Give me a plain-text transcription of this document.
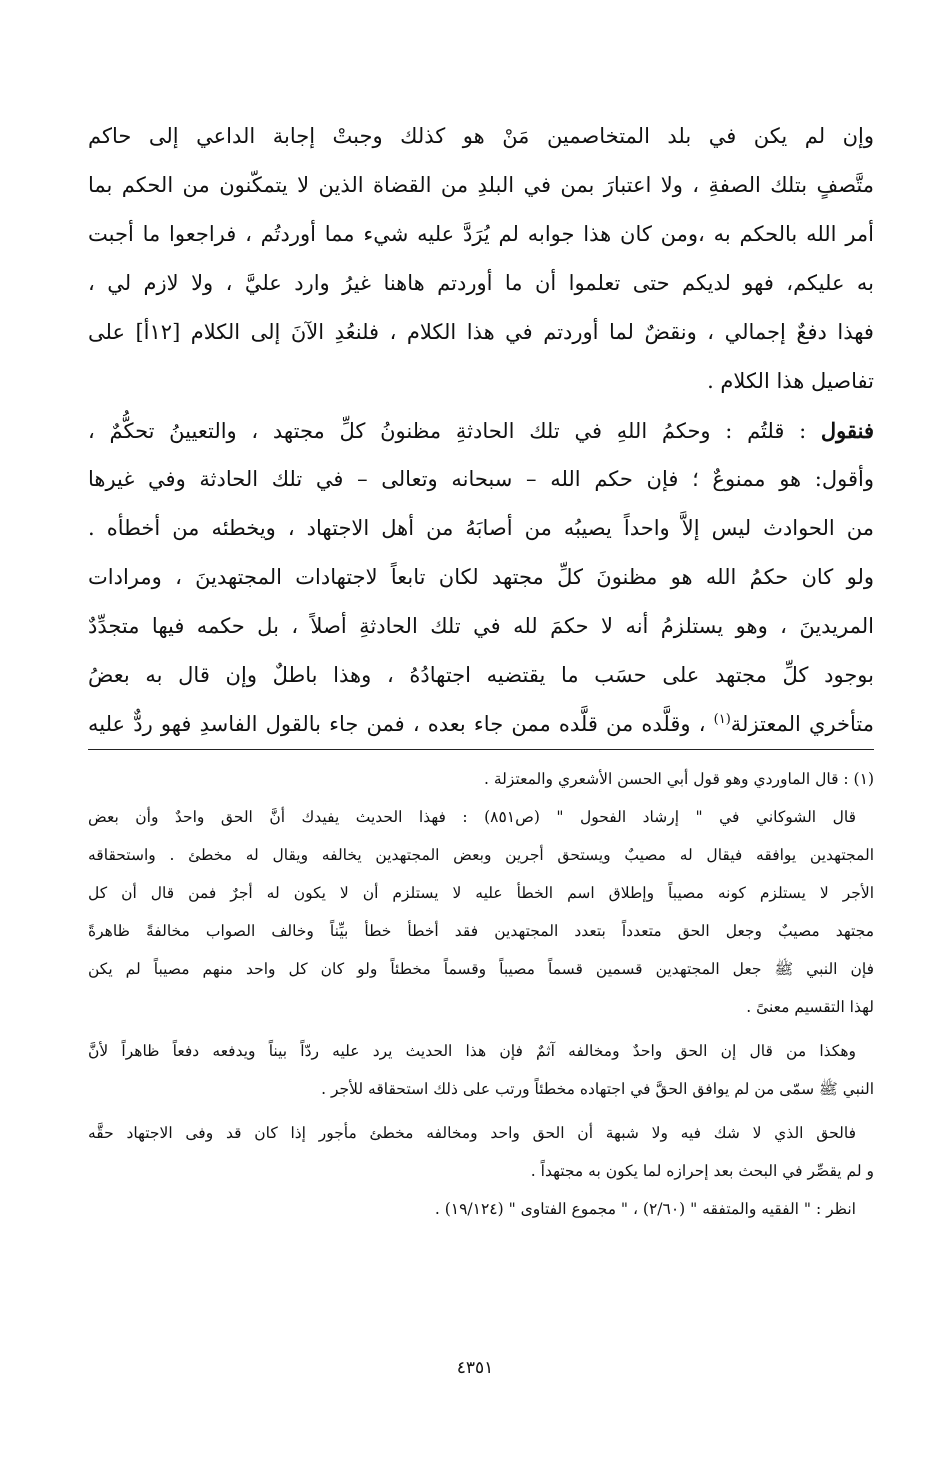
وإن لم يكن في بلد المتخاصمين مَنْ هو كذلك وجبتْ إجابة الداعي إلى حاكم
متَّصفٍ بتلك الصفةِ ، ولا اعتبارَ بمن في البلدِ من القضاة الذين لا يتمكّنون من الحكم بما
أمر الله بالحكم به ،ومن كان هذا جوابه لم يُرَدَّ عليه شيء مما أوردتُم ، فراجعوا ما أجبت
به عليكم، فهو لديكم حتى تعلموا أن ما أوردتم هاهنا غيرُ وارد عليَّ ، ولا لازم لي ،
فهذا دفعٌ إجمالي ، ونقضٌ لما أوردتم في هذا الكلام ، فلنعُدِ الآنَ إلى الكلام [١٢أ] على
تفاصيل هذا الكلام .
فنقول : قلتُم : وحكمُ اللهِ في تلك الحادثةِ مظنونُ كلِّ مجتهد ، والتعيينُ تحكُّمٌ ،
وأقول: هو ممنوعٌ ؛ فإن حكم الله – سبحانه وتعالى – في تلك الحادثة وفي غيرها
من الحوادث ليس إلاَّ واحداً يصيبُه من أصابَهُ من أهل الاجتهاد ، ويخطئه من أخطأه .
ولو كان حكمُ الله هو مظنونَ كلِّ مجتهد لكان تابعاً لاجتهادات المجتهدينَ ، ومرادات
المريدينَ ، وهو يستلزمُ أنه لا حكمَ لله في تلك الحادثةِ أصلاً ، بل حكمه فيها متجدِّدٌ
بوجود كلِّ مجتهد على حسَب ما يقتضيه اجتهادُهُ ، وهذا باطلٌ وإن قال به بعضُ
متأخري المعتزلة$^{(١)}$ ، وقلَّده من قلَّده ممن جاء بعده ، فمن جاء بالقول الفاسدِ فهو ردٌّ عليه
(١) : قال الماوردي وهو قول أبي الحسن الأشعري والمعتزلة .
قال الشوكاني في " إرشاد الفحول " (ص٨٥١) : فهذا الحديث يفيدك أنَّ الحق واحدٌ وأن بعض
المجتهدين يوافقه فيقال له مصيبٌ ويستحق أجرين وبعض المجتهدين يخالفه ويقال له مخطئ . واستحقاقه
الأجر لا يستلزم كونه مصيباً وإطلاق اسم الخطأ عليه لا يستلزم أن لا يكون له أجرٌ فمن قال أن كل
مجتهد مصيبٌ وجعل الحق متعدداً بتعدد المجتهدين فقد أخطأ خطأ بيِّناً وخالف الصواب مخالفةً ظاهرةً
فإن النبي ﷺ جعل المجتهدين قسمين قسماً مصيباً وقسماً مخطئاً ولو كان كل واحد منهم مصيباً لم يكن
لهذا التقسيم معنىً .
وهكذا من قال إن الحق واحدٌ ومخالفه آثمٌ فإن هذا الحديث يرد عليه ردّاً بيناً ويدفعه دفعاً ظاهراً لأنَّ
النبي ﷺ سمّى من لم يوافق الحقَّ في اجتهاده مخطئاً ورتب على ذلك استحقاقه للأجر .
فالحق الذي لا شك فيه ولا شبهة أن الحق واحد ومخالفه مخطئ مأجور إذا كان قد وفى الاجتهاد حقَّه
و لم يقصِّر في البحث بعد إحرازه لما يكون به مجتهداً .
انظر : " الفقيه والمتفقه " (٢/٦٠) ، " مجموع الفتاوى " (١٩/١٢٤) .
٤٣٥١
